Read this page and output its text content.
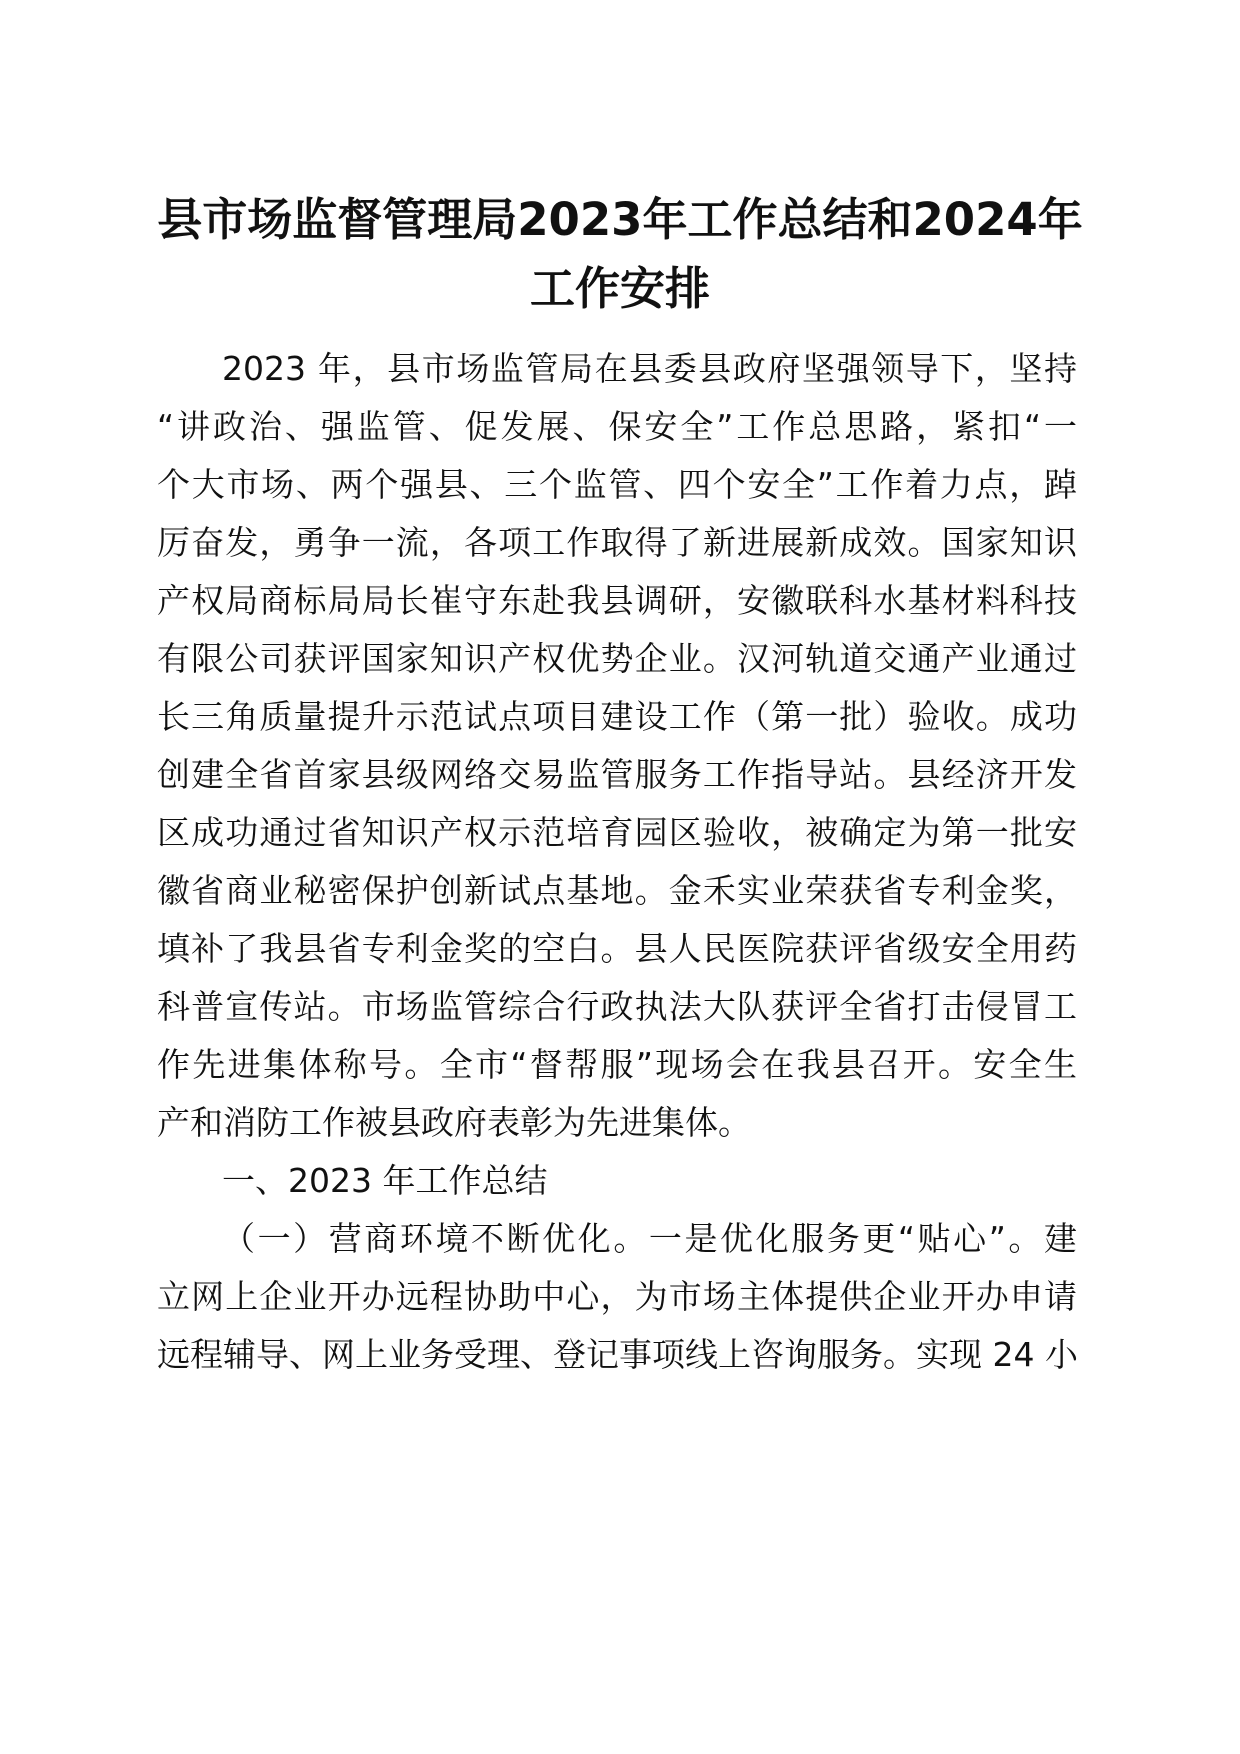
县市场监督管理局2023年工作总结和2024年
工作安排
2023 年，县市场监管局在县委县政府坚强领导下，坚持
“讲政治、强监管、促发展、保安全”工作总思路，紧扣“一
个大市场、两个强县、三个监管、四个安全”工作着力点，踔
厉奋发，勇争一流，各项工作取得了新进展新成效。国家知识
产权局商标局局长崔守东赴我县调研，安徽联科水基材料科技
有限公司获评国家知识产权优势企业。汉河轨道交通产业通过
长三角质量提升示范试点项目建设工作（第一批）验收。成功
创建全省首家县级网络交易监管服务工作指导站。县经济开发
区成功通过省知识产权示范培育园区验收，被确定为第一批安
徽省商业秘密保护创新试点基地。金禾实业荣获省专利金奖，
填补了我县省专利金奖的空白。县人民医院获评省级安全用药
科普宣传站。市场监管综合行政执法大队获评全省打击侵冒工
作先进集体称号。全市“督帮服”现场会在我县召开。安全生
产和消防工作被县政府表彰为先进集体。
一、2023 年工作总结
（一）营商环境不断优化。一是优化服务更“贴心”。建
立网上企业开办远程协助中心，为市场主体提供企业开办申请
远程辅导、网上业务受理、登记事项线上咨询服务。实现 24 小
